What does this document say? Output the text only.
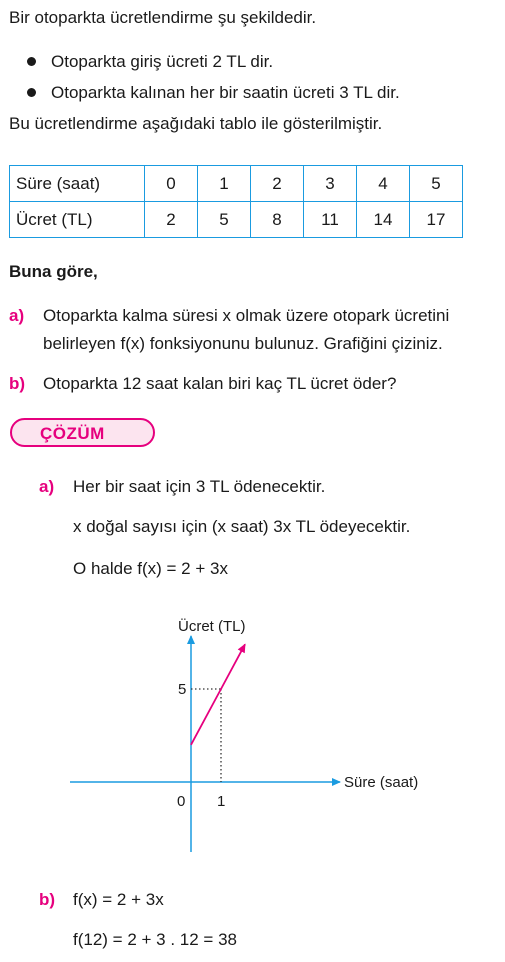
Bir otoparkta ücretlendirme şu şekildedir.
Otoparkta giriş ücreti 2 TL dir.
Otoparkta kalınan her bir saatin ücreti 3 TL dir.
Bu ücretlendirme aşağıdaki tablo ile gösterilmiştir.
Süre (saat)	0	1	2	3	4	5
Ücret (TL)	2	5	8	11	14	17
Buna göre,
a) Otoparkta kalma süresi x olmak üzere otopark ücretini
belirleyen f(x) fonksiyonunu bulunuz. Grafiğini çiziniz.
b) Otoparkta 12 saat kalan biri kaç TL ücret öder?
ÇÖZÜM
a) Her bir saat için 3 TL ödenecektir.
x doğal sayısı için (x saat) 3x TL ödeyecektir.
O halde f(x) = 2 + 3x
Ücret (TL)
Süre (saat)
0 1
5
b) f(x) = 2 + 3x
f(12) = 2 + 3 . 12 = 38
